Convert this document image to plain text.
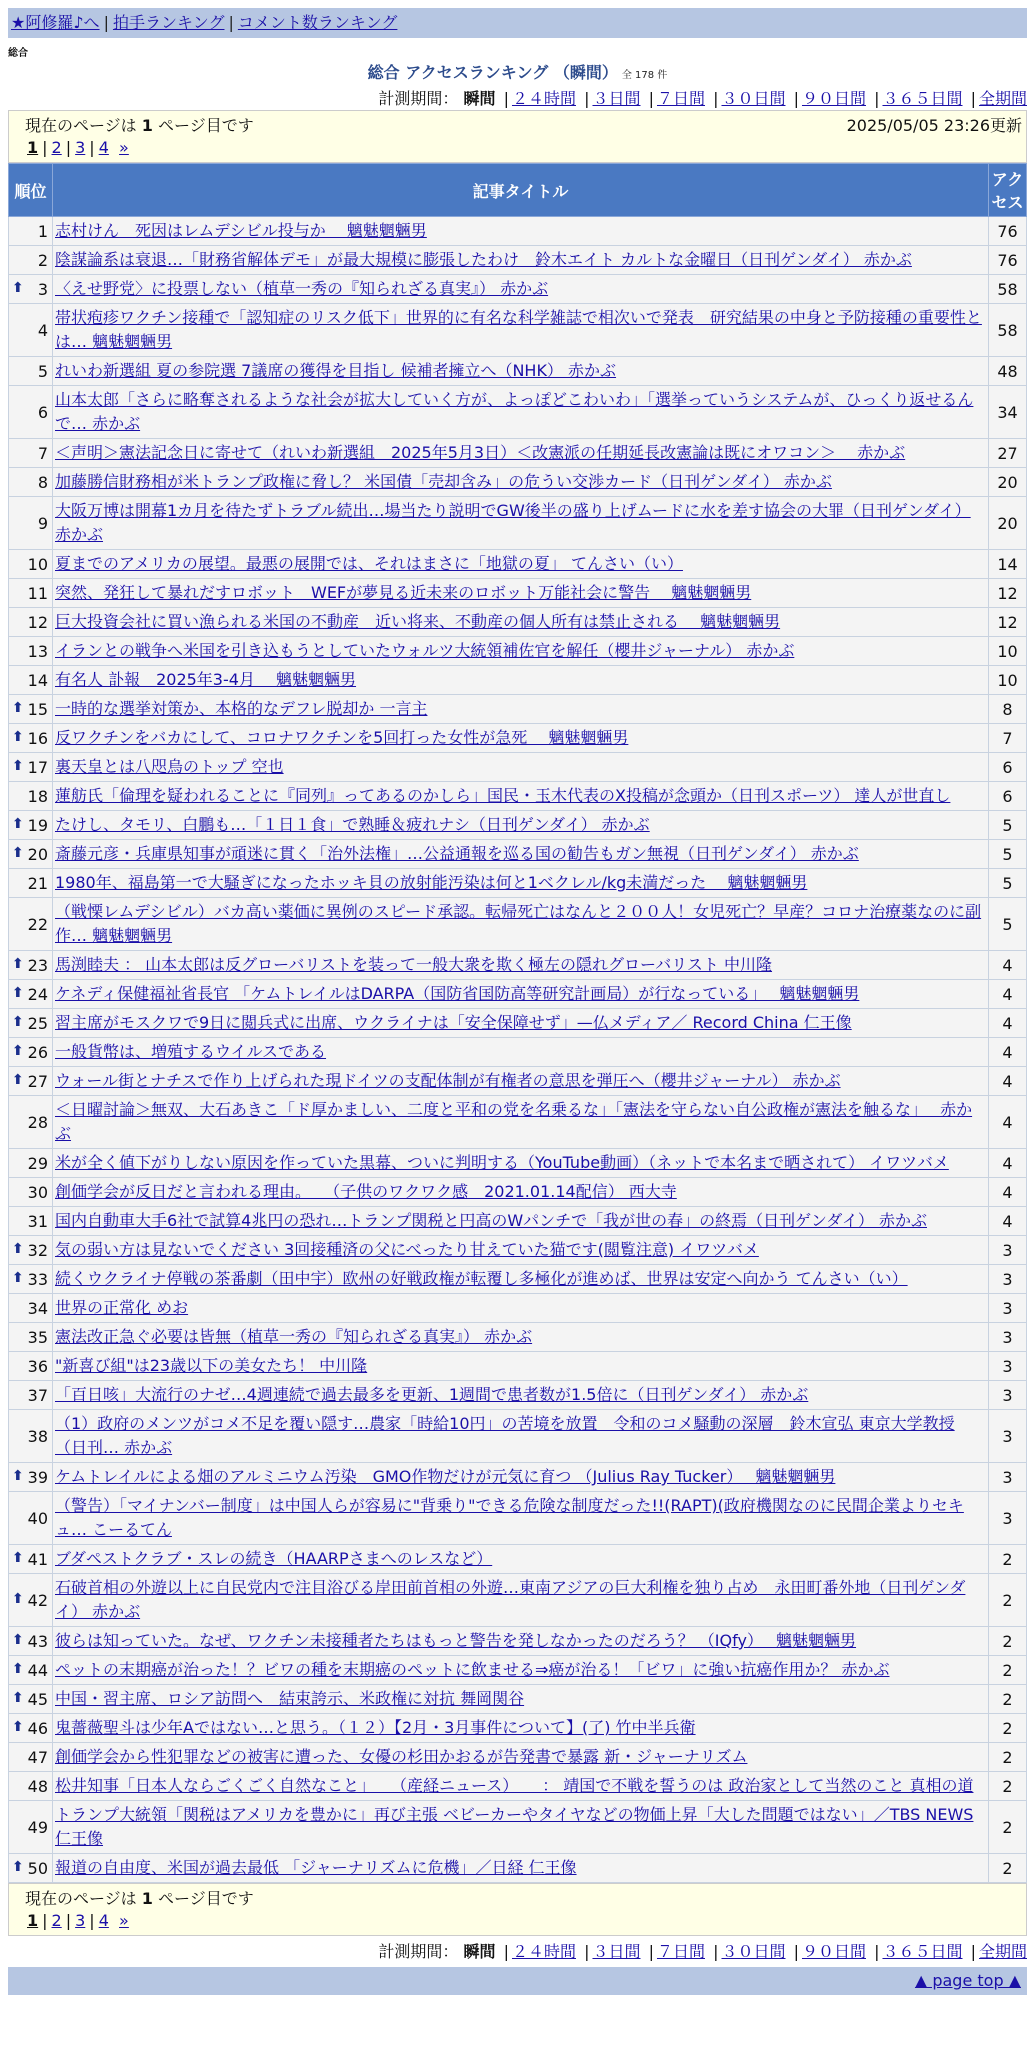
★阿修羅♪へ | 拍手ランキング | コメント数ランキング
総合
総合 アクセスランキング （瞬間） 全 178 件
計測期間： 瞬間 | ２４時間 | ３日間 | ７日間 | ３０日間 | ９０日間 | ３６５日間 | 全期間
現在のページは 1 ページ目です	2025/05/05 23:26更新
1 | 2 | 3 | 4 »
順位	記事タイトル	アクセス
1	志村けん　死因はレムデシビル投与か　 魑魅魍魎男	76
2	陰謀論系は衰退…「財務省解体デモ」が最大規模に膨張したわけ　鈴木エイト カルトな金曜日（日刊ゲンダイ） 赤かぶ	76

⬆ 3	〈えせ野党〉に投票しない（植草一秀の『知られざる真実』） 赤かぶ	58
4	帯状疱疹ワクチン接種で「認知症のリスク低下」世界的に有名な科学雑誌で相次いで発表　研究結果の中身と予防接種の重要性とは… 魑魅魍魎男	58
5	れいわ新選組 夏の参院選 7議席の獲得を目指し 候補者擁立へ（NHK） 赤かぶ	48
6	山本太郎「さらに略奪されるような社会が拡大していく方が、よっぽどこわいわ」「選挙っていうシステムが、ひっくり返せるんで… 赤かぶ	34
7	＜声明＞憲法記念日に寄せて（れいわ新選組　2025年5月3日）＜改憲派の任期延長改憲論は既にオワコン＞　 赤かぶ	27
8	加藤勝信財務相が米トランプ政権に脅し？ 米国債「売却含み」の危うい交渉カード（日刊ゲンダイ） 赤かぶ	20
9	大阪万博は開幕1カ月を待たずトラブル続出…場当たり説明でGW後半の盛り上げムードに水を差す協会の大罪（日刊ゲンダイ） 赤かぶ	20
10	夏までのアメリカの展望。最悪の展開では、それはまさに「地獄の夏」 てんさい（い）	14
11	突然、発狂して暴れだすロボット　WEFが夢見る近未来のロボット万能社会に警告　 魑魅魍魎男	12
12	巨大投資会社に買い漁られる米国の不動産　近い将来、不動産の個人所有は禁止される　 魑魅魍魎男	12
13	イランとの戦争へ米国を引き込もうとしていたウォルツ大統領補佐官を解任（櫻井ジャーナル） 赤かぶ	10
14	有名人 訃報　2025年3-4月　 魑魅魍魎男	10

⬆ 15	一時的な選挙対策か、本格的なデフレ脱却か 一言主	8

⬆ 16	反ワクチンをバカにして、コロナワクチンを5回打った女性が急死　 魑魅魍魎男	7

⬆ 17	裏天皇とは八咫烏のトップ 空也	6
18	蓮舫氏「倫理を疑われることに『同列』ってあるのかしら」国民・玉木代表のX投稿が念頭か（日刊スポーツ） 達人が世直し	6

⬆ 19	たけし、タモリ、白鵬も…「１日１食」で熟睡＆疲れナシ（日刊ゲンダイ） 赤かぶ	5

⬆ 20	斎藤元彦・兵庫県知事が頑迷に貫く「治外法権」…公益通報を巡る国の勧告もガン無視（日刊ゲンダイ） 赤かぶ	5
21	1980年、福島第一で大騒ぎになったホッキ貝の放射能汚染は何と1ベクレル/kg未満だった　 魑魅魍魎男	5
22	（戦慄レムデシビル）バカ高い薬価に異例のスピード承認。転帰死亡はなんと２００人！女児死亡？早産？コロナ治療薬なのに副作… 魑魅魍魎男	5

⬆ 23	馬渕睦夫 ： 山本太郎は反グローバリストを装って一般大衆を欺く極左の隠れグローバリスト 中川隆	4

⬆ 24	ケネディ保健福祉省長官 「ケムトレイルはDARPA（国防省国防高等研究計画局）が行なっている」　 魑魅魍魎男	4

⬆ 25	習主席がモスクワで9日に閲兵式に出席、ウクライナは「安全保障せず」—仏メディア／ Record China 仁王像	4

⬆ 26	一般貨幣は、増殖するウイルスである	4

⬆ 27	ウォール街とナチスで作り上げられた現ドイツの支配体制が有権者の意思を弾圧へ（櫻井ジャーナル） 赤かぶ	4
28	＜日曜討論＞無双、大石あきこ「ド厚かましい、二度と平和の党を名乗るな」「憲法を守らない自公政権が憲法を触るな」　 赤かぶ	4
29	米が全く値下がりしない原因を作っていた黒幕、ついに判明する（YouTube動画）（ネットで本名まで晒されて） イワツバメ	4
30	創価学会が反日だと言われる理由。　 （子供のワクワク感　2021.01.14配信） 西大寺	4
31	国内自動車大手6社で試算4兆円の恐れ…トランプ関税と円高のWパンチで「我が世の春」の終焉（日刊ゲンダイ） 赤かぶ	4

⬆ 32	気の弱い方は見ないでください 3回接種済の父にべったり甘えていた猫です(閲覧注意) イワツバメ	3

⬆ 33	続くウクライナ停戦の茶番劇（田中宇）欧州の好戦政権が転覆し多極化が進めば、世界は安定へ向かう てんさい（い）	3
34	世界の正常化 めお	3
35	憲法改正急ぐ必要は皆無（植草一秀の『知られざる真実』） 赤かぶ	3
36	"新喜び組"は23歳以下の美女たち！ 中川隆	3
37	「百日咳」大流行のナゼ…4週連続で過去最多を更新、1週間で患者数が1.5倍に（日刊ゲンダイ） 赤かぶ	3
38	（1）政府のメンツがコメ不足を覆い隠す…農家「時給10円」の苦境を放置　令和のコメ騒動の深層　鈴木宣弘 東京大学教授（日刊… 赤かぶ	3

⬆ 39	ケムトレイルによる畑のアルミニウム汚染　GMO作物だけが元気に育つ （Julius Ray Tucker）　 魑魅魍魎男	3
40	（警告）「マイナンバー制度」は中国人らが容易に"背乗り"できる危険な制度だった!!(RAPT)(政府機関なのに民間企業よりセキュ… こーるてん	3

⬆ 41	ブダペストクラブ・スレの続き（HAARPさまへのレスなど）	2

⬆ 42	石破首相の外遊以上に自民党内で注目浴びる岸田前首相の外遊…東南アジアの巨大利権を独り占め　永田町番外地（日刊ゲンダイ） 赤かぶ	2

⬆ 43	彼らは知っていた。なぜ、ワクチン未接種者たちはもっと警告を発しなかったのだろう？ （IQfy）　 魑魅魍魎男	2

⬆ 44	ペットの末期癌が治った！？ビワの種を末期癌のペットに飲ませる⇒癌が治る！「ビワ」に強い抗癌作用か？ 赤かぶ	2

⬆ 45	中国・習主席、ロシア訪問へ　結束誇示、米政権に対抗 舞岡関谷	2

⬆ 46	鬼薔薇聖斗は少年Aではない…と思う。（１２）【2月・3月事件について】(了) 竹中半兵衛	2
47	創価学会から性犯罪などの被害に遭った、女優の杉田かおるが告発書で暴露 新・ジャーナリズム	2
48	松井知事「日本人ならごくごく自然なこと」　　（産経ニュース）　　： 靖国で不戦を誓うのは 政治家として当然のこと 真相の道	2
49	トランプ大統領「関税はアメリカを豊かに」再び主張 ベビーカーやタイヤなどの物価上昇「大した問題ではない」／TBS NEWS 仁王像	2

⬆ 50	報道の自由度、米国が過去最低 「ジャーナリズムに危機」／日経 仁王像	2
現在のページは 1 ページ目です
1 | 2 | 3 | 4 »
計測期間： 瞬間 | ２４時間 | ３日間 | ７日間 | ３０日間 | ９０日間 | ３６５日間 | 全期間
▲ page top ▲
